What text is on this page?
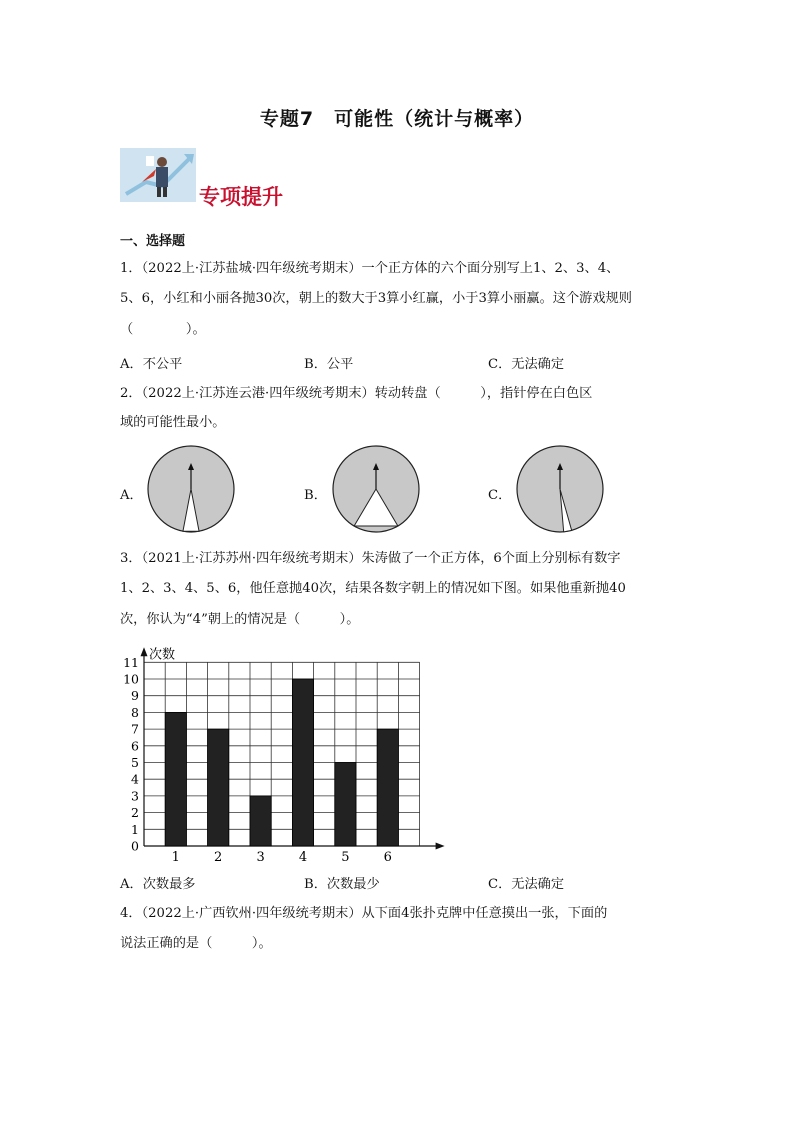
专题7　可能性（统计与概率）
专项提升
一、选择题
1．（2022上·江苏盐城·四年级统考期末）一个正方体的六个面分别写上1、2、3、4、
5、6，小红和小丽各抛30次，朝上的数大于3算小红赢，小于3算小丽赢。这个游戏规则
（　　　　）。
A．不公平	B．公平	C．无法确定
2．（2022上·江苏连云港·四年级统考期末）转动转盘（　　　），指针停在白色区
域的可能性最小。
A．	B．	C．
3．（2021上·江苏苏州·四年级统考期末）朱涛做了一个正方体，6个面上分别标有数字
1、2、3、4、5、6，他任意抛40次，结果各数字朝上的情况如下图。如果他重新抛40
次，你认为“4”朝上的情况是（　　　）。
次数
0
1
2
3
4
5
6
7
8
9
10
11
1	2	3	4	5	6
A．次数最多	B．次数最少	C．无法确定
4．（2022上·广西钦州·四年级统考期末）从下面4张扑克牌中任意摸出一张，下面的
说法正确的是（　　　）。
